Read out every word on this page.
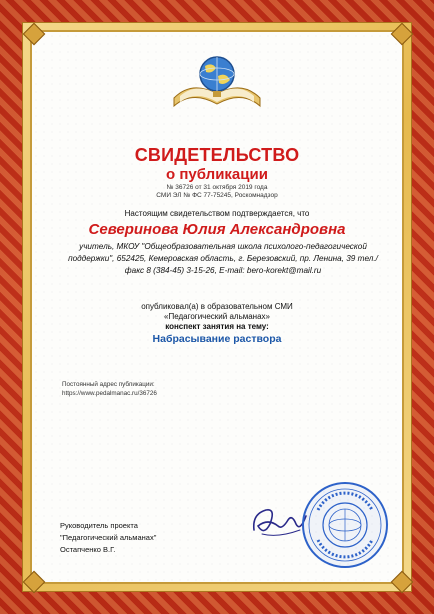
СВИДЕТЕЛЬСТВО
о публикации
№ 36726 от 31 октября 2019 года
СМИ ЭЛ № ФС 77-75245, Роскомнадзор
Настоящим свидетельством подтверждается, что
Северинова Юлия Александровна
учитель, МКОУ "Общеобразовательная школа психолого-педагогической поддержки", 652425, Кемеровская область, г. Березовский, пр. Ленина, 39 тел./факс 8 (384-45) 3-15-26, E-mail: bero-korekt@mail.ru
опубликовал(а) в образовательном СМИ
«Педагогический альманах»
конспект занятия на тему:
Набрасывание раствора
Постоянный адрес публикации:
https://www.pedalmanac.ru/36726
Руководитель проекта
"Педагогический альманах"
Остапченко В.Г.
